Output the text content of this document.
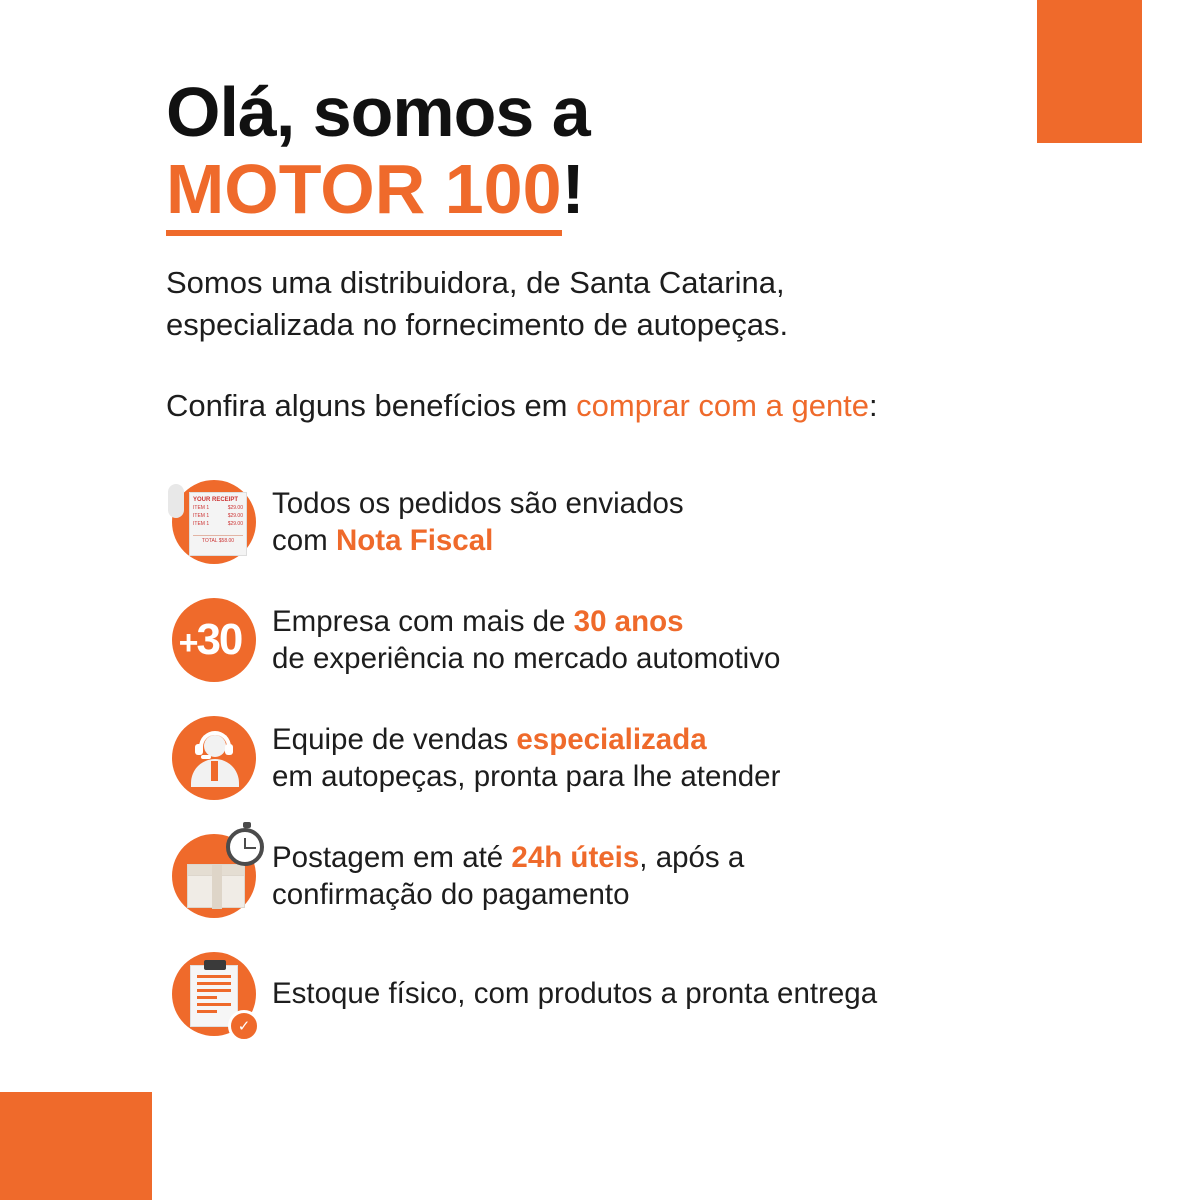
Olá, somos a
MOTOR 100!

Somos uma distribuidora, de Santa Catarina,
especializada no fornecimento de autopeças.

Confira alguns benefícios em comprar com a gente:

YOUR RECEIPT
ITEM 1	$29.00
ITEM 1	$29.00
ITEM 1	$29.00
TOTAL $58.00
Todos os pedidos são enviados
com Nota Fiscal
+30	Empresa com mais de 30 anos
de experiência no mercado automotivo
Equipe de vendas especializada
em autopeças, pronta para lhe atender
Postagem em até 24h úteis, após a
confirmação do pagamento
✓
Estoque físico, com produtos a pronta entrega
